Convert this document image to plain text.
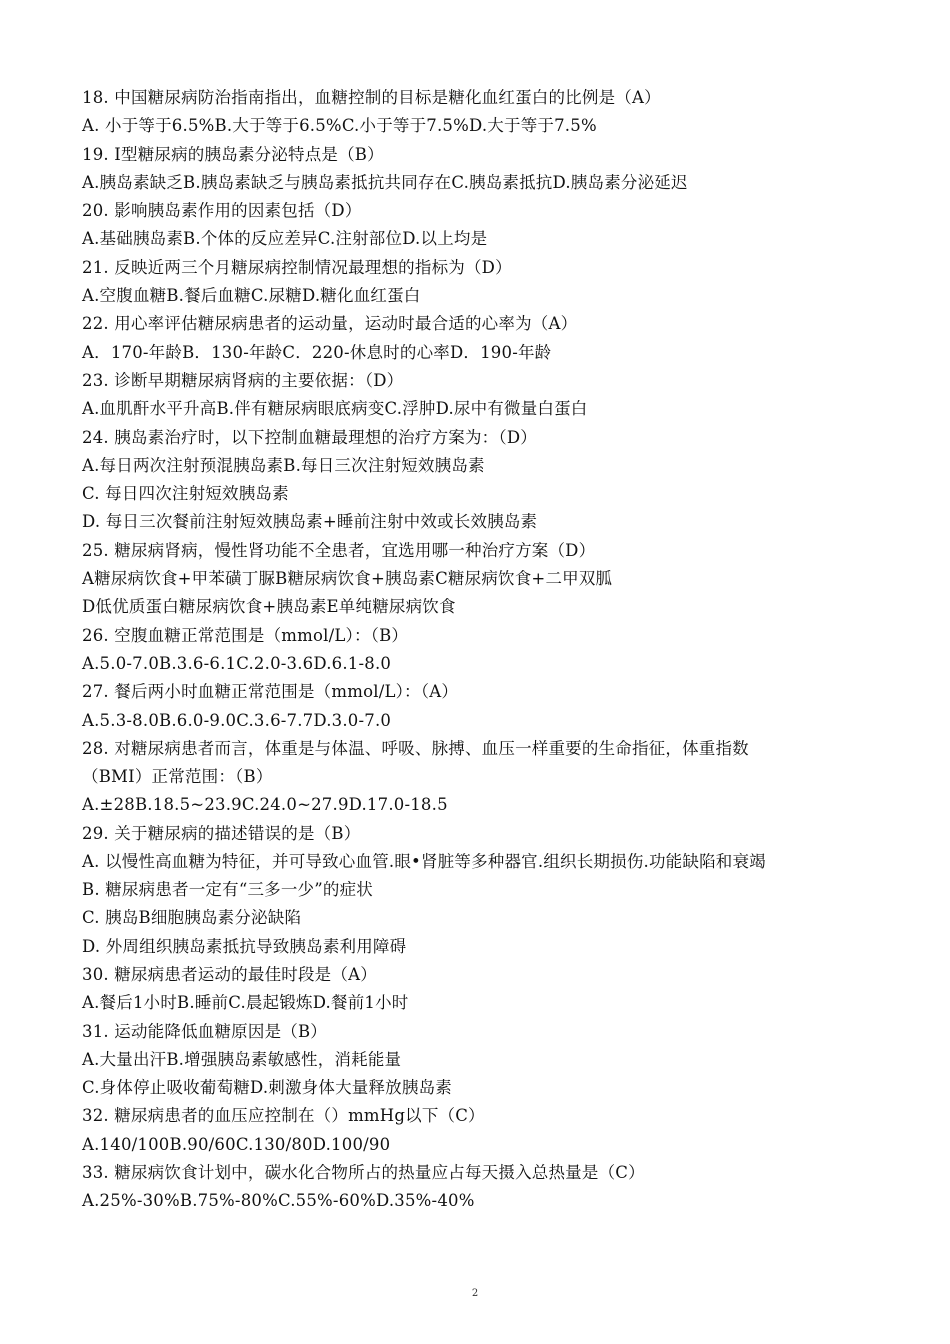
18. 中国糖尿病防治指南指出，血糖控制的目标是糖化血红蛋白的比例是（A）
A. 小于等于6.5%B.大于等于6.5%C.小于等于7.5%D.大于等于7.5%
19. I型糖尿病的胰岛素分泌特点是（B）
A.胰岛素缺乏B.胰岛素缺乏与胰岛素抵抗共同存在C.胰岛素抵抗D.胰岛素分泌延迟
20. 影响胰岛素作用的因素包括（D）
A.基础胰岛素B.个体的反应差异C.注射部位D.以上均是
21. 反映近两三个月糖尿病控制情况最理想的指标为（D）
A.空腹血糖B.餐后血糖C.尿糖D.糖化血红蛋白
22. 用心率评估糖尿病患者的运动量，运动时最合适的心率为（A）
A．170-年龄B．130-年龄C．220-休息时的心率D．190-年龄
23. 诊断早期糖尿病肾病的主要依据：（D）
A.血肌酐水平升高B.伴有糖尿病眼底病变C.浮肿D.尿中有微量白蛋白
24. 胰岛素治疗时，以下控制血糖最理想的治疗方案为：（D）
A.每日两次注射预混胰岛素B.每日三次注射短效胰岛素
C. 每日四次注射短效胰岛素
D. 每日三次餐前注射短效胰岛素+睡前注射中效或长效胰岛素
25. 糖尿病肾病，慢性肾功能不全患者，宜选用哪一种治疗方案（D）
A糖尿病饮食+甲苯磺丁脲B糖尿病饮食+胰岛素C糖尿病饮食+二甲双胍
D低优质蛋白糖尿病饮食+胰岛素E单纯糖尿病饮食
26. 空腹血糖正常范围是（mmol/L）：（B）
A.5.0-7.0B.3.6-6.1C.2.0-3.6D.6.1-8.0
27. 餐后两小时血糖正常范围是（mmol/L）：（A）
A.5.3-8.0B.6.0-9.0C.3.6-7.7D.3.0-7.0
28. 对糖尿病患者而言，体重是与体温、呼吸、脉搏、血压一样重要的生命指征，体重指数
（BMI）正常范围：（B）
A.±28B.18.5~23.9C.24.0~27.9D.17.0-18.5
29. 关于糖尿病的描述错误的是（B）
A. 以慢性高血糖为特征，并可导致心血管.眼•肾脏等多种器官.组织长期损伤.功能缺陷和衰竭
B. 糖尿病患者一定有“三多一少”的症状
C. 胰岛B细胞胰岛素分泌缺陷
D. 外周组织胰岛素抵抗导致胰岛素利用障碍
30. 糖尿病患者运动的最佳时段是（A）
A.餐后1小时B.睡前C.晨起锻炼D.餐前1小时
31. 运动能降低血糖原因是（B）
A.大量出汗B.增强胰岛素敏感性，消耗能量
C.身体停止吸收葡萄糖D.刺激身体大量释放胰岛素
32. 糖尿病患者的血压应控制在（）mmHg以下（C）
A.140/100B.90/60C.130/80D.100/90
33. 糖尿病饮食计划中，碳水化合物所占的热量应占每天摄入总热量是（C）
A.25%-30%B.75%-80%C.55%-60%D.35%-40%
2
